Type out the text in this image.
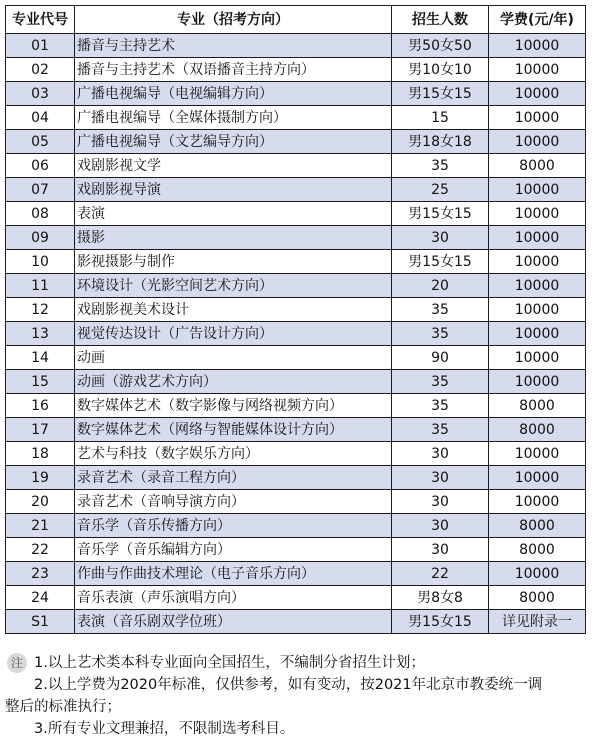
专业代号	专业（招考方向）	招生人数	学费(元/年)
01	播音与主持艺术	男50女50	10000
02	播音与主持艺术（双语播音主持方向）	男10女10	10000
03	广播电视编导（电视编辑方向）	男15女15	10000
04	广播电视编导（全媒体摄制方向）	15	10000
05	广播电视编导（文艺编导方向）	男18女18	10000
06	戏剧影视文学	35	8000
07	戏剧影视导演	25	10000
08	表演	男15女15	10000
09	摄影	30	10000
10	影视摄影与制作	男15女15	10000
11	环境设计（光影空间艺术方向）	20	10000
12	戏剧影视美术设计	35	10000
13	视觉传达设计（广告设计方向）	35	10000
14	动画	90	10000
15	动画（游戏艺术方向）	35	10000
16	数字媒体艺术（数字影像与网络视频方向）	35	8000
17	数字媒体艺术（网络与智能媒体设计方向）	35	8000
18	艺术与科技（数字娱乐方向）	30	10000
19	录音艺术（录音工程方向）	30	10000
20	录音艺术（音响导演方向）	30	10000
21	音乐学（音乐传播方向）	30	8000
22	音乐学（音乐编辑方向）	30	8000
23	作曲与作曲技术理论（电子音乐方向）	22	10000
24	音乐表演（声乐演唱方向）	男8女8	8000
S1	表演（音乐剧双学位班）	男15女15	详见附录一
注 1.以上艺术类本科专业面向全国招生，不编制分省招生计划；
2.以上学费为2020年标准，仅供参考，如有变动，按2021年北京市教委统一调
整后的标准执行；
3.所有专业文理兼招，不限制选考科目。
